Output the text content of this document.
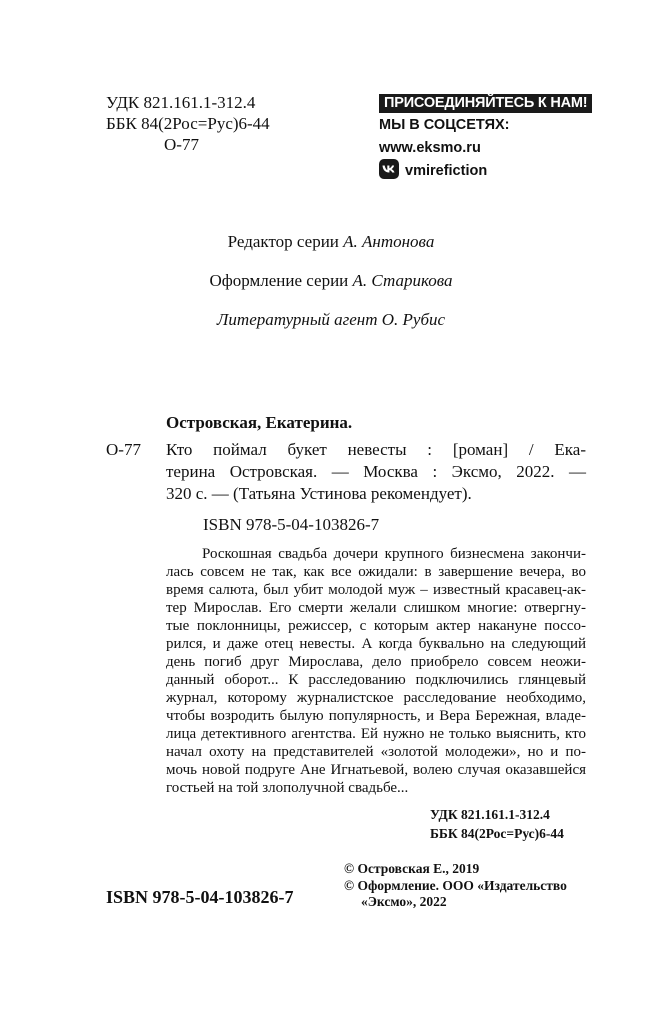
УДК 821.161.1-312.4
ББК 84(2Рос=Рус)6-44
О-77
ПРИСОЕДИНЯЙТЕСЬ К НАМ!
МЫ В СОЦСЕТЯХ:
www.eksmo.ru
vmirefiction
Редактор серии А. Антонова
Оформление серии А. Старикова
Литературный агент О. Рубис
Островская, Екатерина.
О-77 Кто поймал букет невесты : [роман] / Ека-
терина Островская. — Москва : Эксмо, 2022. —
320 с. — (Татьяна Устинова рекомендует).
ISBN 978-5-04-103826-7
Роскошная свадьба дочери крупного бизнесмена закончи-
лась совсем не так, как все ожидали: в завершение вечера, во
время салюта, был убит молодой муж – известный красавец-ак-
тер Мирослав. Его смерти желали слишком многие: отвергну-
тые поклонницы, режиссер, с которым актер накануне поссо-
рился, и даже отец невесты. А когда буквально на следующий
день погиб друг Мирослава, дело приобрело совсем неожи-
данный оборот... К расследованию подключились глянцевый
журнал, которому журналистское расследование необходимо,
чтобы возродить былую популярность, и Вера Бережная, владе-
лица детективного агентства. Ей нужно не только выяснить, кто
начал охоту на представителей «золотой молодежи», но и по-
мочь новой подруге Ане Игнатьевой, волею случая оказавшейся
гостьей на той злополучной свадьбе...
УДК 821.161.1-312.4
ББК 84(2Рос=Рус)6-44
© Островская Е., 2019
© Оформление. ООО «Издательство
«Эксмо», 2022
ISBN 978-5-04-103826-7
